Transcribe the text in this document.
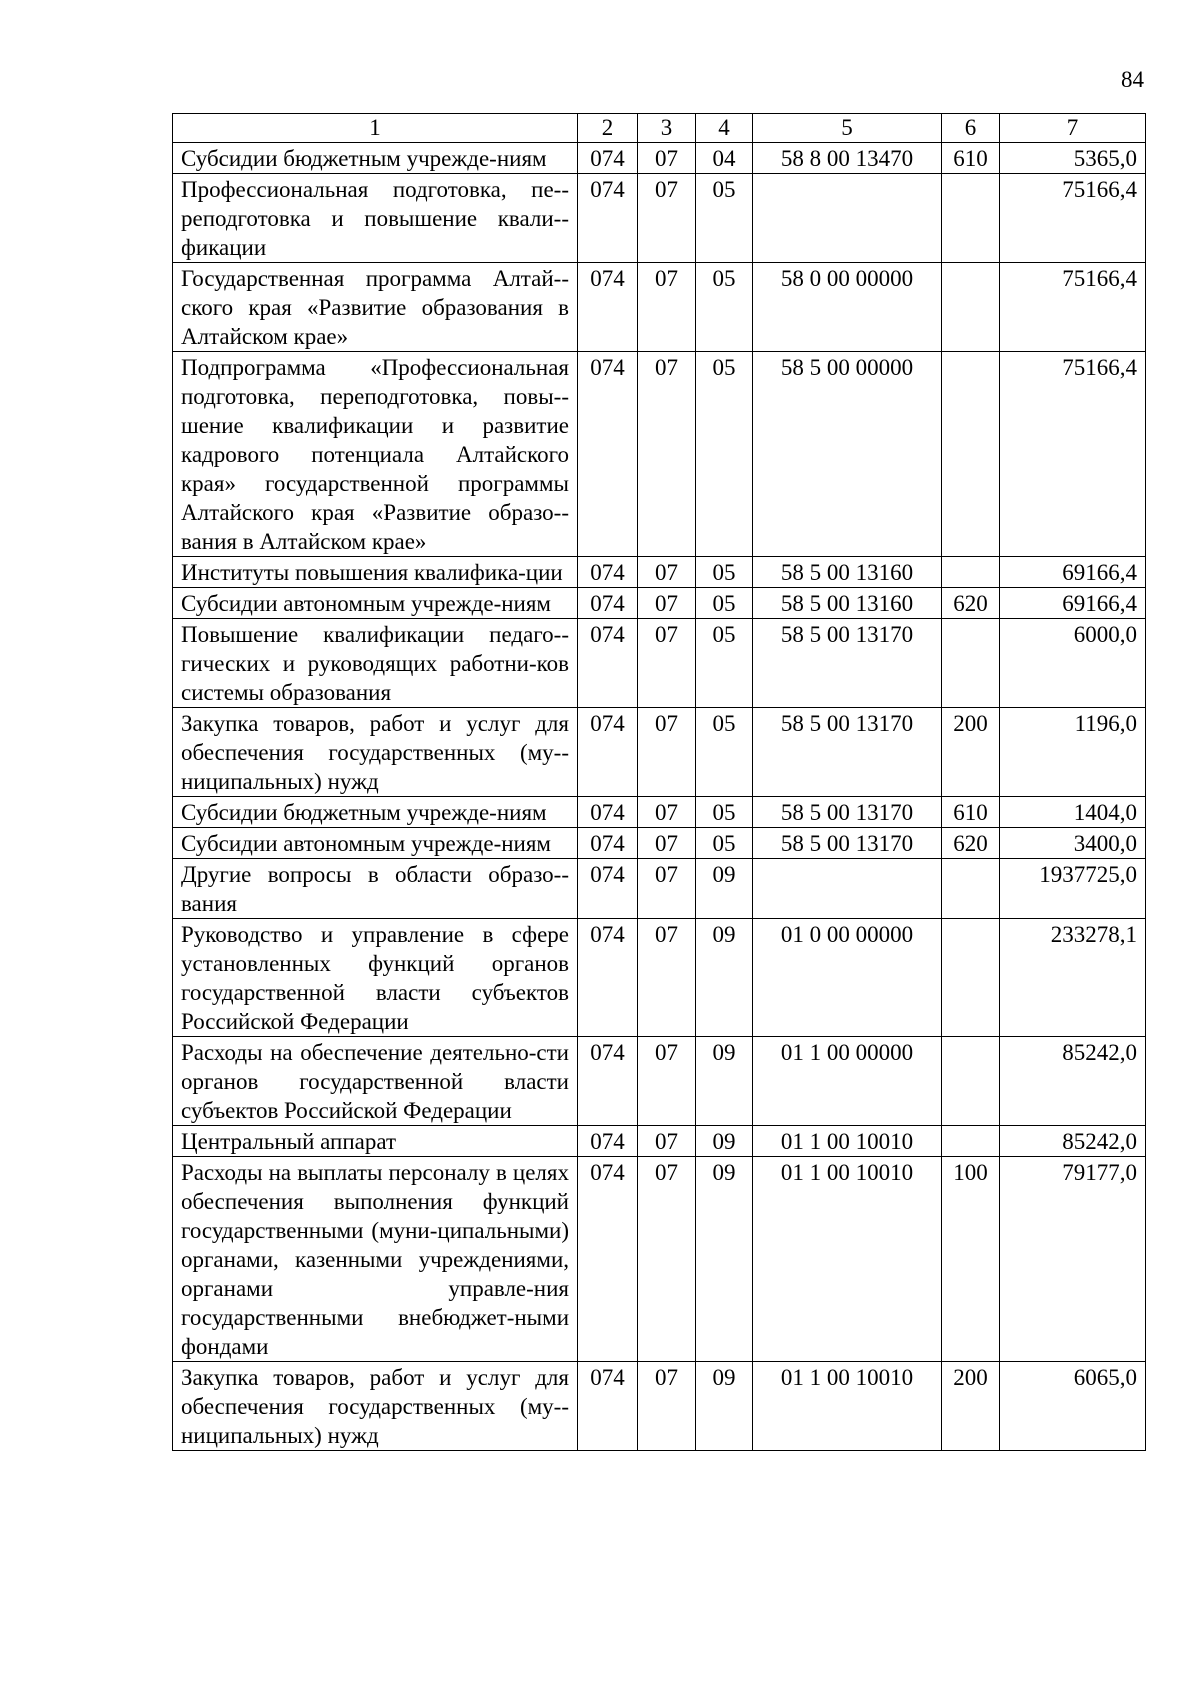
84
1	2	3	4	5	6	7
Субсидии бюджетным учрежде-ниям	074	07	04	58 8 00 13470	610	5365,0
Профессиональная подготовка, пе-реподготовка и повышение квали-фикации	074	07	05			75166,4
Государственная программа Алтай-ского края «Развитие образования в Алтайском крае»	074	07	05	58 0 00 00000		75166,4
Подпрограмма «Профессиональная подготовка, переподготовка, повы-шение квалификации и развитие кадрового потенциала Алтайского края» государственной программы Алтайского края «Развитие образо-вания в Алтайском крае»	074	07	05	58 5 00 00000		75166,4
Институты повышения квалифика-ции	074	07	05	58 5 00 13160		69166,4
Субсидии автономным учрежде-ниям	074	07	05	58 5 00 13160	620	69166,4
Повышение квалификации педаго-гических и руководящих работни-ков системы образования	074	07	05	58 5 00 13170		6000,0
Закупка товаров, работ и услуг для обеспечения государственных (му-ниципальных) нужд	074	07	05	58 5 00 13170	200	1196,0
Субсидии бюджетным учрежде-ниям	074	07	05	58 5 00 13170	610	1404,0
Субсидии автономным учрежде-ниям	074	07	05	58 5 00 13170	620	3400,0
Другие вопросы в области образо-вания	074	07	09			1937725,0
Руководство и управление в сфере установленных функций органов государственной власти субъектов Российской Федерации	074	07	09	01 0 00 00000		233278,1
Расходы на обеспечение деятельно-сти органов государственной власти субъектов Российской Федерации	074	07	09	01 1 00 00000		85242,0
Центральный аппарат	074	07	09	01 1 00 10010		85242,0
Расходы на выплаты персоналу в целях обеспечения выполнения функций государственными (муни-ципальными) органами, казенными учреждениями, органами управле-ния государственными внебюджет-ными фондами	074	07	09	01 1 00 10010	100	79177,0
Закупка товаров, работ и услуг для обеспечения государственных (му-ниципальных) нужд	074	07	09	01 1 00 10010	200	6065,0
